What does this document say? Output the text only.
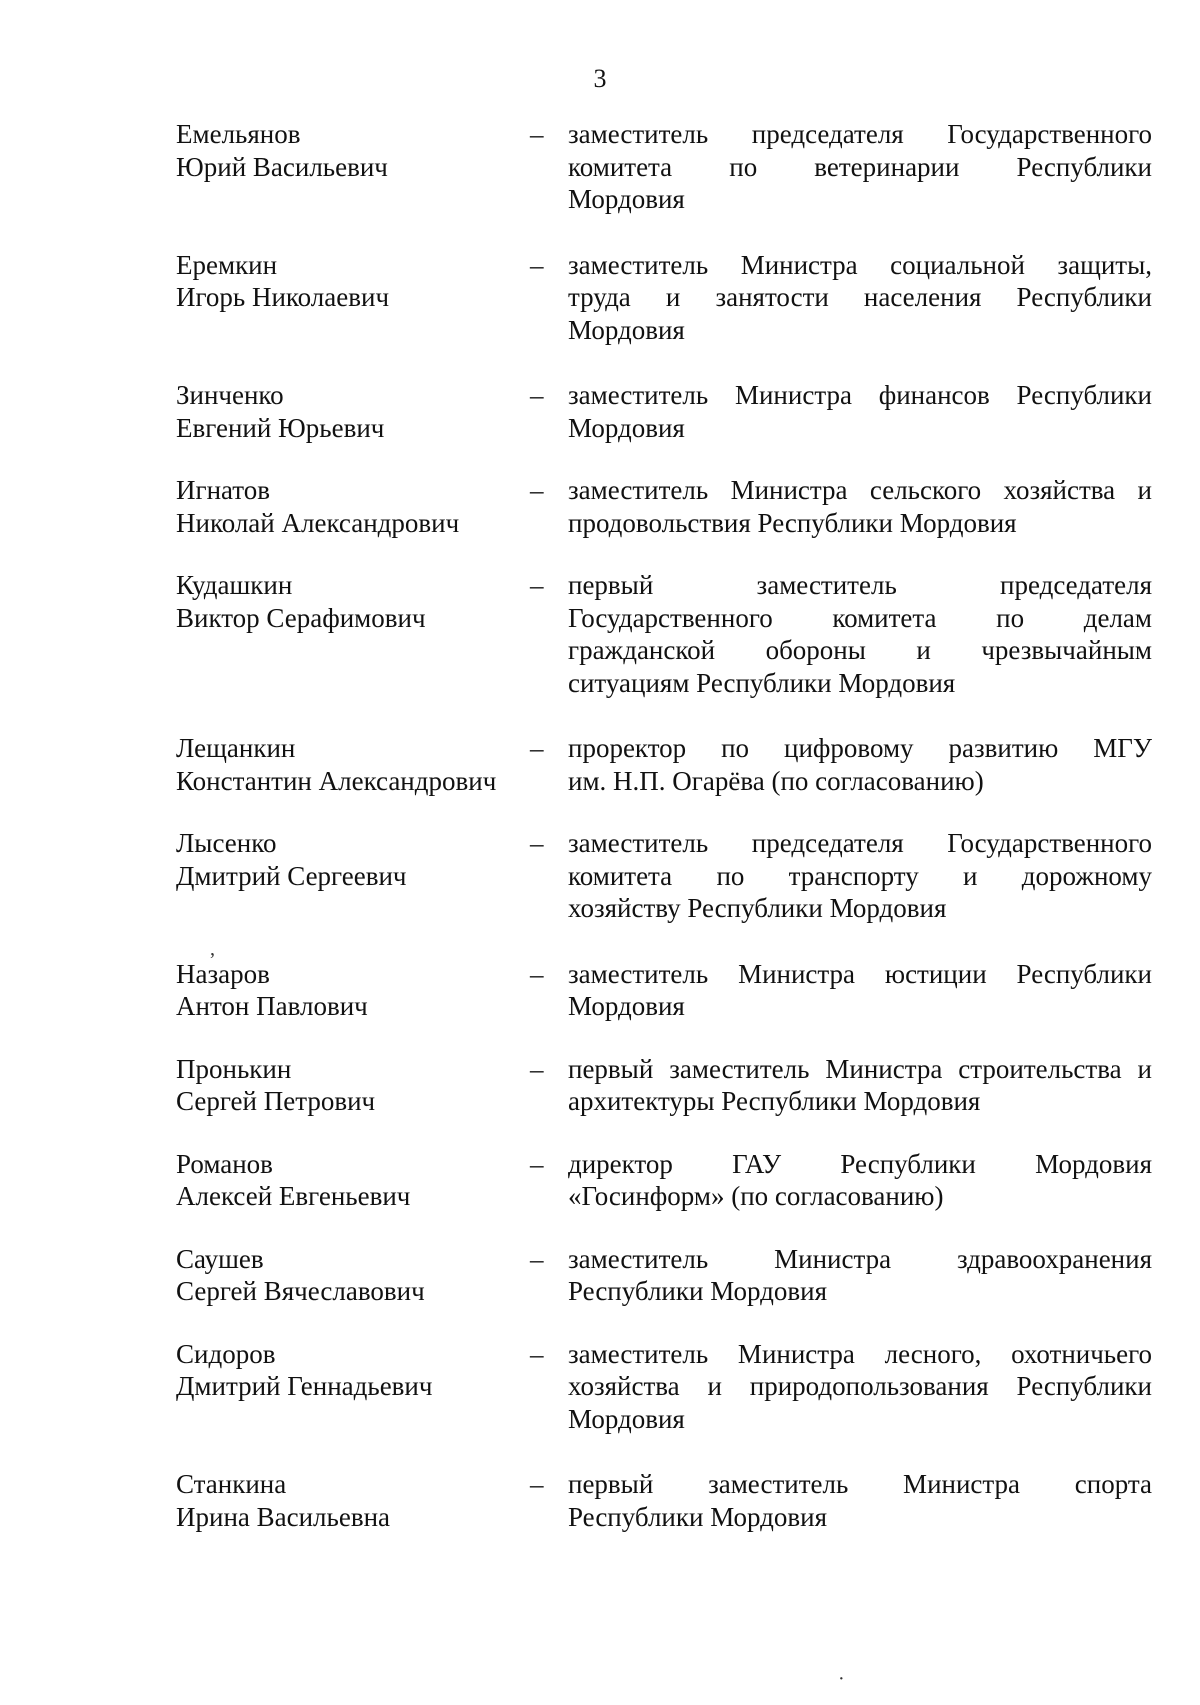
3
Емельянов
Юрий Васильевич
– заместитель председателя Государственного
комитета по ветеринарии Республики
Мордовия
Еремкин
Игорь Николаевич
– заместитель Министра социальной защиты,
труда и занятости населения Республики
Мордовия
Зинченко
Евгений Юрьевич
– заместитель Министра финансов Республики
Мордовия
Игнатов
Николай Александрович
– заместитель Министра сельского хозяйства и
продовольствия Республики Мордовия
Кудашкин
Виктор Серафимович
– первый заместитель председателя
Государственного комитета по делам
гражданской обороны и чрезвычайным
ситуациям Республики Мордовия
Лещанкин
Константин Александрович
– проректор по цифровому развитию МГУ
им. Н.П. Огарёва (по согласованию)
Лысенко
Дмитрий Сергеевич
– заместитель председателя Государственного
комитета по транспорту и дорожному
хозяйству Республики Мордовия
Назаров
Антон Павлович
– заместитель Министра юстиции Республики
Мордовия
Пронькин
Сергей Петрович
– первый заместитель Министра строительства и
архитектуры Республики Мордовия
Романов
Алексей Евгеньевич
– директор ГАУ Республики Мордовия
«Госинформ» (по согласованию)
Саушев
Сергей Вячеславович
– заместитель Министра здравоохранения
Республики Мордовия
Сидоров
Дмитрий Геннадьевич
– заместитель Министра лесного, охотничьего
хозяйства и природопользования Республики
Мордовия
Станкина
Ирина Васильевна
– первый заместитель Министра спорта
Республики Мордовия
,
·
